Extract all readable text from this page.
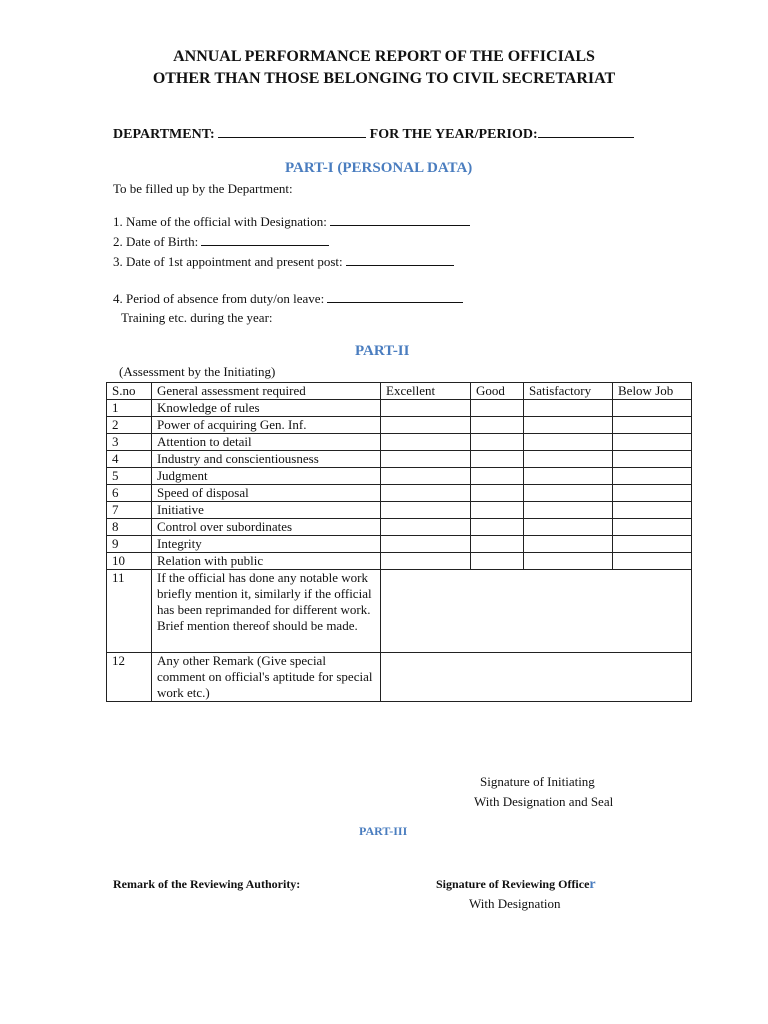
ANNUAL PERFORMANCE REPORT OF THE OFFICIALS
OTHER THAN THOSE BELONGING TO CIVIL SECRETARIAT
DEPARTMENT:	FOR THE YEAR/PERIOD:
PART-I (PERSONAL DATA)
To be filled up by the Department:
1. Name of the official with Designation:
2. Date of Birth:
3. Date of 1st appointment and present post:
4. Period of absence from duty/on leave:
Training etc. during the year:
PART-II
(Assessment by the Initiating)
S.no	General assessment required	Excellent	Good	Satisfactory	Below Job
1	Knowledge of rules				
2	Power of acquiring Gen. Inf.				
3	Attention to detail				
4	Industry and conscientiousness				
5	Judgment				
6	Speed of disposal				
7	Initiative				
8	Control over subordinates				
9	Integrity				
10	Relation with public				
11	If the official has done any notable work briefly mention it, similarly if the official has been reprimanded for different work. Brief mention thereof should be made.				
12	Any other Remark (Give special comment on official's aptitude for special work etc.)				
Signature of Initiating
With Designation and Seal
PART-III
Remark of the Reviewing Authority:	Signature of Reviewing Officer
With Designation
